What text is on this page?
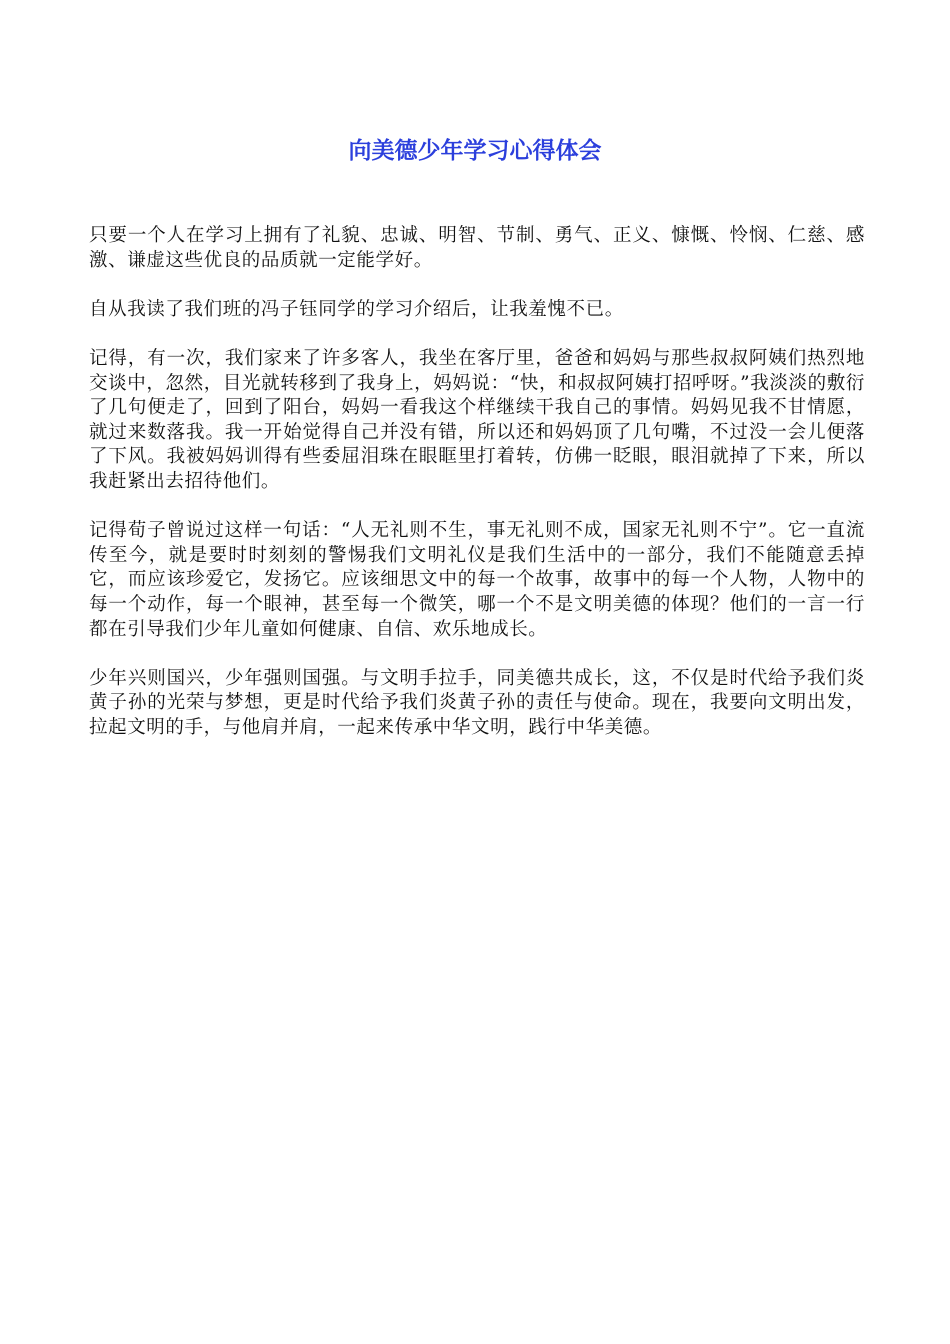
向美德少年学习心得体会

只要一个人在学习上拥有了礼貌、忠诚、明智、节制、勇气、正义、慷慨、怜悯、仁慈、感激、谦虚这些优良的品质就一定能学好。

自从我读了我们班的冯子钰同学的学习介绍后，让我羞愧不已。

记得，有一次，我们家来了许多客人，我坐在客厅里，爸爸和妈妈与那些叔叔阿姨们热烈地交谈中，忽然，目光就转移到了我身上，妈妈说：“快，和叔叔阿姨打招呼呀。”我淡淡的敷衍了几句便走了，回到了阳台，妈妈一看我这个样继续干我自己的事情。妈妈见我不甘情愿，就过来数落我。我一开始觉得自己并没有错，所以还和妈妈顶了几句嘴，不过没一会儿便落了下风。我被妈妈训得有些委屈泪珠在眼眶里打着转，仿佛一眨眼，眼泪就掉了下来，所以我赶紧出去招待他们。

记得荀子曾说过这样一句话：“人无礼则不生，事无礼则不成，国家无礼则不宁”。它一直流传至今，就是要时时刻刻的警惕我们文明礼仪是我们生活中的一部分，我们不能随意丢掉它，而应该珍爱它，发扬它。应该细思文中的每一个故事，故事中的每一个人物，人物中的每一个动作，每一个眼神，甚至每一个微笑，哪一个不是文明美德的体现？他们的一言一行都在引导我们少年儿童如何健康、自信、欢乐地成长。

少年兴则国兴，少年强则国强。与文明手拉手，同美德共成长，这，不仅是时代给予我们炎黄子孙的光荣与梦想，更是时代给予我们炎黄子孙的责任与使命。现在，我要向文明出发，拉起文明的手，与他肩并肩，一起来传承中华文明，践行中华美德。
